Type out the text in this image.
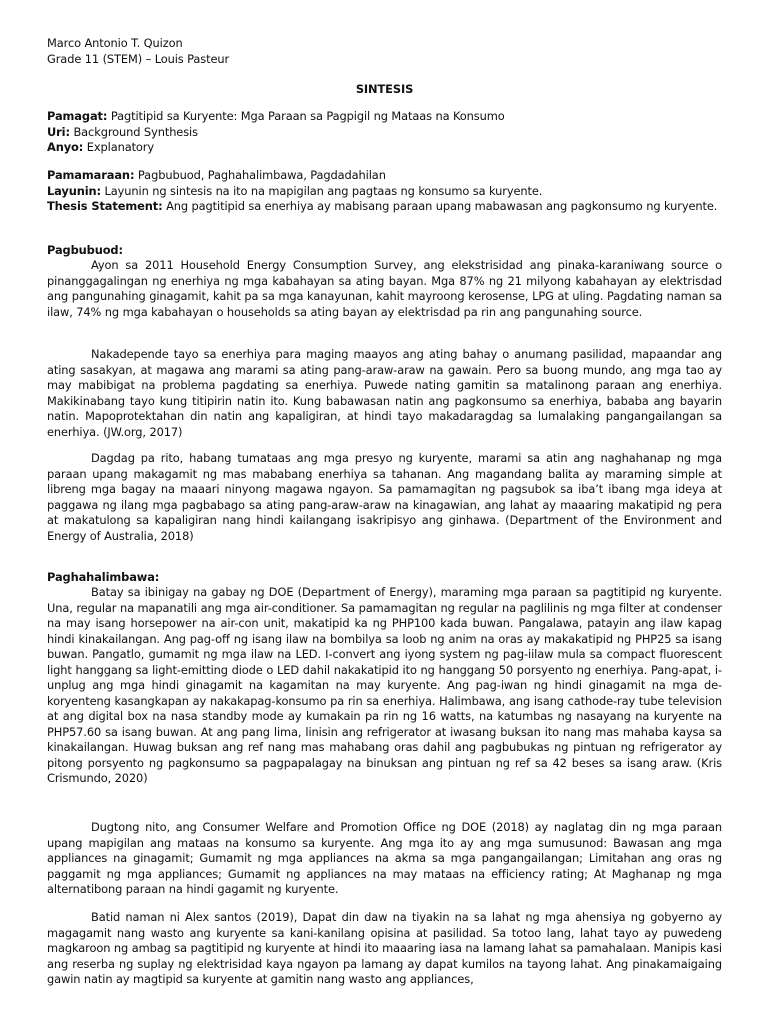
Marco Antonio T. Quizon
Grade 11 (STEM) – Louis Pasteur

SINTESIS

Pamagat: Pagtitipid sa Kuryente: Mga Paraan sa Pagpigil ng Mataas na Konsumo
Uri: Background Synthesis
Anyo: Explanatory

Pamamaraan: Pagbubuod, Paghahalimbawa, Pagdadahilan
Layunin: Layunin ng sintesis na ito na mapigilan ang pagtaas ng konsumo sa kuryente.
Thesis Statement: Ang pagtitipid sa enerhiya ay mabisang paraan upang mabawasan ang pagkonsumo ng kuryente.

Pagbubuod:

Ayon sa 2011 Household Energy Consumption Survey, ang elekstrisidad ang pinaka-karaniwang source o pinanggagalingan ng enerhiya ng mga kabahayan sa ating bayan. Mga 87% ng 21 milyong kabahayan ay elektrisdad ang pangunahing ginagamit, kahit pa sa mga kanayunan, kahit mayroong kerosense, LPG at uling. Pagdating naman sa ilaw, 74% ng mga kabahayan o households sa ating bayan ay elektrisdad pa rin ang pangunahing source.

Nakadepende tayo sa enerhiya para maging maayos ang ating bahay o anumang pasilidad, mapaandar ang ating sasakyan, at magawa ang marami sa ating pang-araw-araw na gawain. Pero sa buong mundo, ang mga tao ay may mabibigat na problema pagdating sa enerhiya. Puwede nating gamitin sa matalinong paraan ang enerhiya. Makikinabang tayo kung titipirin natin ito. Kung babawasan natin ang pagkonsumo sa enerhiya, bababa ang bayarin natin. Mapoprotektahan din natin ang kapaligiran, at hindi tayo makadaragdag sa lumalaking pangangailangan sa enerhiya. (JW.org, 2017)

Dagdag pa rito, habang tumataas ang mga presyo ng kuryente, marami sa atin ang naghahanap ng mga paraan upang makagamit ng mas mababang enerhiya sa tahanan. Ang magandang balita ay maraming simple at libreng mga bagay na maaari ninyong magawa ngayon. Sa pamamagitan ng pagsubok sa iba’t ibang mga ideya at paggawa ng ilang mga pagbabago sa ating pang-araw-araw na kinagawian, ang lahat ay maaaring makatipid ng pera at makatulong sa kapaligiran nang hindi kailangang isakripisyo ang ginhawa. (Department of the Environment and Energy of Australia, 2018)

Paghahalimbawa:

Batay sa ibinigay na gabay ng DOE (Department of Energy), maraming mga paraan sa pagtitipid ng kuryente. Una, regular na mapanatili ang mga air-conditioner. Sa pamamagitan ng regular na paglilinis ng mga filter at condenser na may isang horsepower na air-con unit, makatipid ka ng PHP100 kada buwan. Pangalawa, patayin ang ilaw kapag hindi kinakailangan. Ang pag-off ng isang ilaw na bombilya sa loob ng anim na oras ay makakatipid ng PHP25 sa isang buwan. Pangatlo, gumamit ng mga ilaw na LED. I-convert ang iyong system ng pag-iilaw mula sa compact fluorescent light hanggang sa light-emitting diode o LED dahil nakakatipid ito ng hanggang 50 porsyento ng enerhiya. Pang-apat, i-unplug ang mga hindi ginagamit na kagamitan na may kuryente. Ang pag-iwan ng hindi ginagamit na mga de-koryenteng kasangkapan ay nakakapag-konsumo pa rin sa enerhiya. Halimbawa, ang isang cathode-ray tube television at ang digital box na nasa standby mode ay kumakain pa rin ng 16 watts, na katumbas ng nasayang na kuryente na PHP57.60 sa isang buwan. At ang pang lima, linisin ang refrigerator at iwasang buksan ito nang mas mahaba kaysa sa kinakailangan. Huwag buksan ang ref nang mas mahabang oras dahil ang pagbubukas ng pintuan ng refrigerator ay pitong porsyento ng pagkonsumo sa pagpapalagay na binuksan ang pintuan ng ref sa 42 beses sa isang araw. (Kris Crismundo, 2020)

Dugtong nito, ang Consumer Welfare and Promotion Office ng DOE (2018) ay naglatag din ng mga paraan upang mapigilan ang mataas na konsumo sa kuryente. Ang mga ito ay ang mga sumusunod: Bawasan ang mga appliances na ginagamit; Gumamit ng mga appliances na akma sa mga pangangailangan; Limitahan ang oras ng paggamit ng mga appliances; Gumamit ng appliances na may mataas na efficiency rating; At Maghanap ng mga alternatibong paraan na hindi gagamit ng kuryente.

Batid naman ni Alex santos (2019), Dapat din daw na tiyakin na sa lahat ng mga ahensiya ng gobyerno ay magagamit nang wasto ang kuryente sa kani-kanilang opisina at pasilidad. Sa totoo lang, lahat tayo ay puwedeng magkaroon ng ambag sa pagtitipid ng kuryente at hindi ito maaaring iasa na lamang lahat sa pamahalaan. Manipis kasi ang reserba ng suplay ng elektrisidad kaya ngayon pa lamang ay dapat kumilos na tayong lahat. Ang pinakamaigaing gawin natin ay magtipid sa kuryente at gamitin nang wasto ang appliances,
